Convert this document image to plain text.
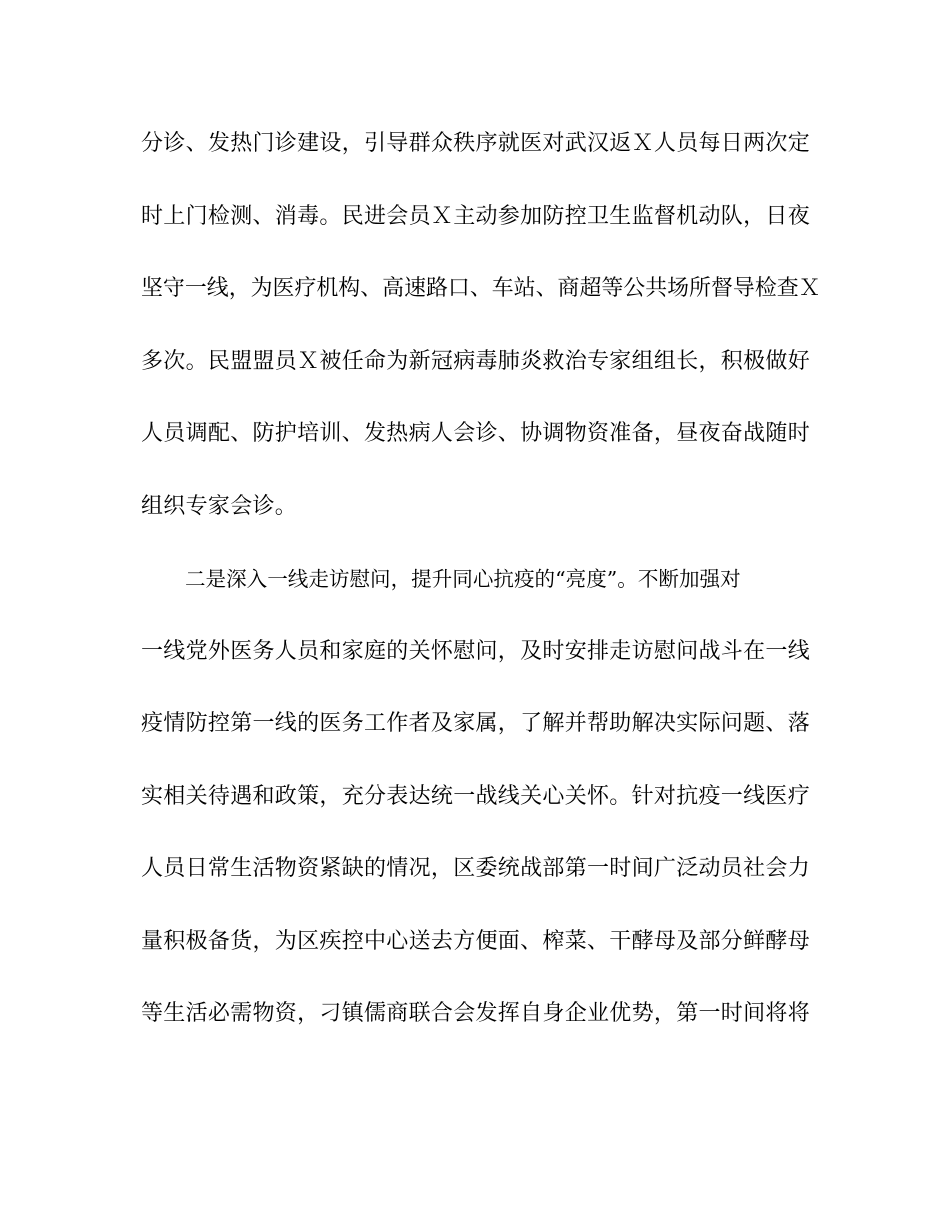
分诊、发热门诊建设，引导群众秩序就医对武汉返Ｘ人员每日两次定
时上门检测、消毒。民进会员Ｘ主动参加防控卫生监督机动队，日夜
坚守一线，为医疗机构、高速路口、车站、商超等公共场所督导检查Ｘ
多次。民盟盟员Ｘ被任命为新冠病毒肺炎救治专家组组长，积极做好
人员调配、防护培训、发热病人会诊、协调物资准备，昼夜奋战随时
组织专家会诊。
二是深入一线走访慰问，提升同心抗疫的“亮度”。不断加强对
一线党外医务人员和家庭的关怀慰问，及时安排走访慰问战斗在一线
疫情防控第一线的医务工作者及家属，了解并帮助解决实际问题、落
实相关待遇和政策，充分表达统一战线关心关怀。针对抗疫一线医疗
人员日常生活物资紧缺的情况，区委统战部第一时间广泛动员社会力
量积极备货，为区疾控中心送去方便面、榨菜、干酵母及部分鲜酵母
等生活必需物资，刁镇儒商联合会发挥自身企业优势，第一时间将将
